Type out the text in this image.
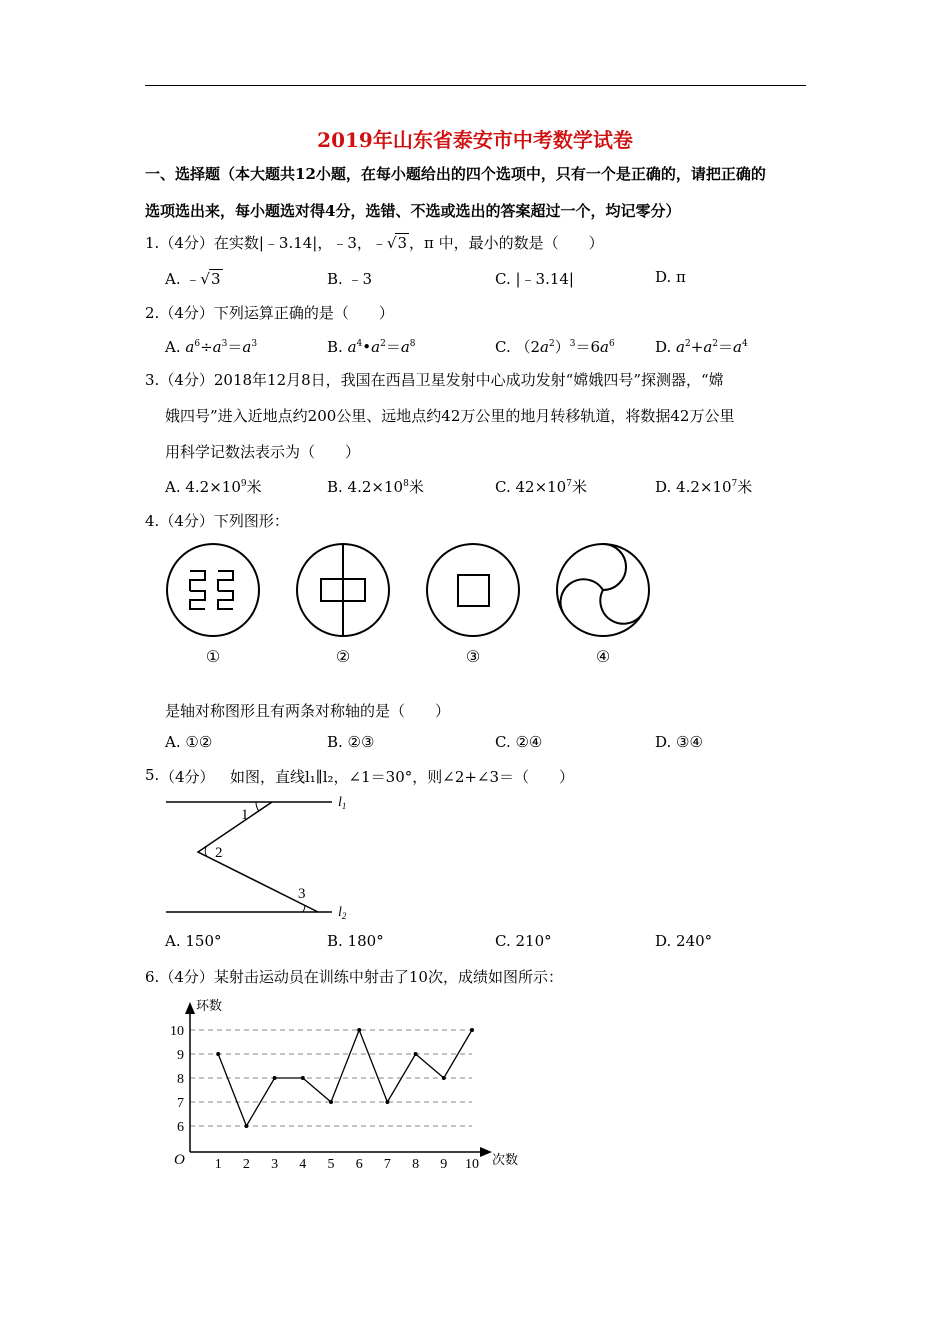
2019年山东省泰安市中考数学试卷
一、选择题（本大题共12小题，在每小题给出的四个选项中，只有一个是正确的，请把正确的
选项选出来，每小题选对得4分，选错、不选或选出的答案超过一个，均记零分）
1.（4分）在实数|﹣3.14|，﹣3，﹣√3 ，π 中，最小的数是（　　）
A. ﹣√3	B. ﹣3	C. |﹣3.14|	D. π
2.（4分）下列运算正确的是（　　）
A. $a^6\div a^3=a^3$	B. $a^4•a^2=a^8$	C. $(2a^2)^3=6a^6$	D. $a^2+a^2=a^4$
3.（4分）2018年12月8日，我国在西昌卫星发射中心成功发射“嫦娥四号”探测器，“嫦
娥四号”进入近地点约200公里、远地点约42万公里的地月转移轨道，将数据42万公里
用科学记数法表示为（　　）
A. $4.2\times 10^9$米	B. $4.2\times 10^8$米	C. $42\times 10^7$米	D. $4.2\times 10^7$米
4.（4分）下列图形：
①	②	③	④
是轴对称图形且有两条对称轴的是（　　）
A. ①②	B. ②③	C. ②④	D. ③④
5. （4分） 如图，直线l₁∥l₂，∠1＝30°，则∠2+∠3＝（　　）
1
2
3
$l_1$
$l_2$
A. 150°	B. 180°	C. 210°	D. 240°
6.（4分）某射击运动员在训练中射击了10次，成绩如图所示：
环数
次数
O
6
7
8
9
10
1 2 3 4 5 6 7 8 9 10
